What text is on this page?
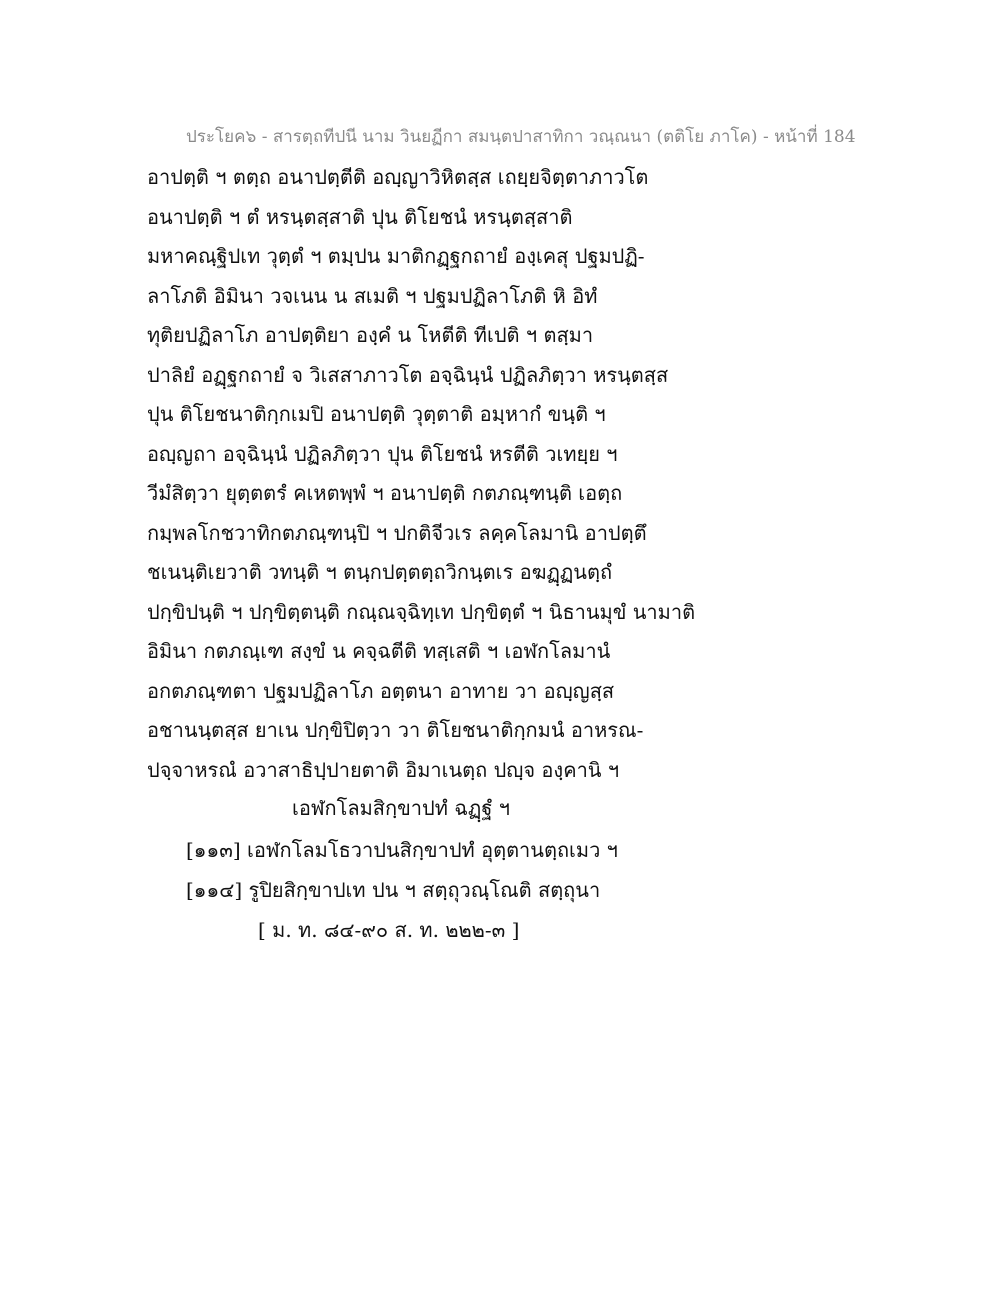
ประโยค๖ - สารตฺถทีปนี นาม วินยฏีกา สมนฺตปาสาทิกา วณฺณนา (ตติโย ภาโค) - หน้าที่ 184
อาปตฺติ ฯ ตตฺถ อนาปตฺตีติ อญฺญาวิหิตสฺส เถยฺยจิตฺตาภาวโต
อนาปตฺติ ฯ ตํ หรนฺตสฺสาติ ปุน ติโยชนํ หรนฺตสฺสาติ
มหาคณฺฐิปเท วุตฺตํ ฯ ตมฺปน มาติกฏฺฐกถายํ องฺเคสุ ปฐมปฏิ-
ลาโภติ อิมินา วจเนน น สเมติ ฯ ปฐมปฏิลาโภติ หิ อิทํ
ทุติยปฏิลาโภ อาปตฺติยา องฺคํ น โหตีติ ทีเปติ ฯ ตสฺมา
ปาลิยํ อฏฺฐกถายํ จ วิเสสาภาวโต อจฺฉินฺนํ ปฏิลภิตฺวา หรนฺตสฺส
ปุน ติโยชนาติกฺกเมปิ อนาปตฺติ วุตฺตาติ อมฺหากํ ขนฺติ ฯ
อญฺญถา อจฺฉินฺนํ ปฏิลภิตฺวา ปุน ติโยชนํ หรตีติ วเทยฺย ฯ
วีมํสิตฺวา ยุตฺตตรํ คเหตพฺพํ ฯ อนาปตฺติ กตภณฺฑนฺติ เอตฺถ
กมฺพลโกชวาทิกตภณฺฑนฺปิ ฯ ปกติจีวเร ลคฺคโลมานิ อาปตฺตึ
ชเนนฺติเยวาติ วทนฺติ ฯ ตนฺกปตฺตตฺถวิกนฺตเร อฆฏฺฏนตฺถํ
ปกฺขิปนฺติ ฯ ปกฺขิตฺตนฺติ กณฺณจฺฉิทฺเท ปกฺขิตฺตํ ฯ นิธานมุขํ นามาติ
อิมินา กตภณฺเฑ สงฺขํ น คจฺฉตีติ ทสฺเสติ ฯ เอฬกโลมานํ
อกตภณฺฑตา ปฐมปฏิลาโภ อตฺตนา อาทาย วา อญฺญสฺส
อชานนฺตสฺส ยาเน ปกฺขิปิตฺวา วา ติโยชนาติกฺกมนํ อาหรณ-
ปจฺจาหรณํ อวาสาธิปฺปายตาติ อิมาเนตฺถ ปญฺจ องฺคานิ ฯ
เอฬกโลมสิกฺขาปทํ ฉฏฺฐํ ฯ
[๑๑๓] เอฬกโลมโธวาปนสิกฺขาปทํ อุตฺตานตฺถเมว ฯ
[๑๑๔] รูปิยสิกฺขาปเท ปน ฯ สตฺถุวณฺโณติ สตฺถุนา
[ ม. ท. ๘๔-๙๐ ส. ท. ๒๒๒-๓ ]
